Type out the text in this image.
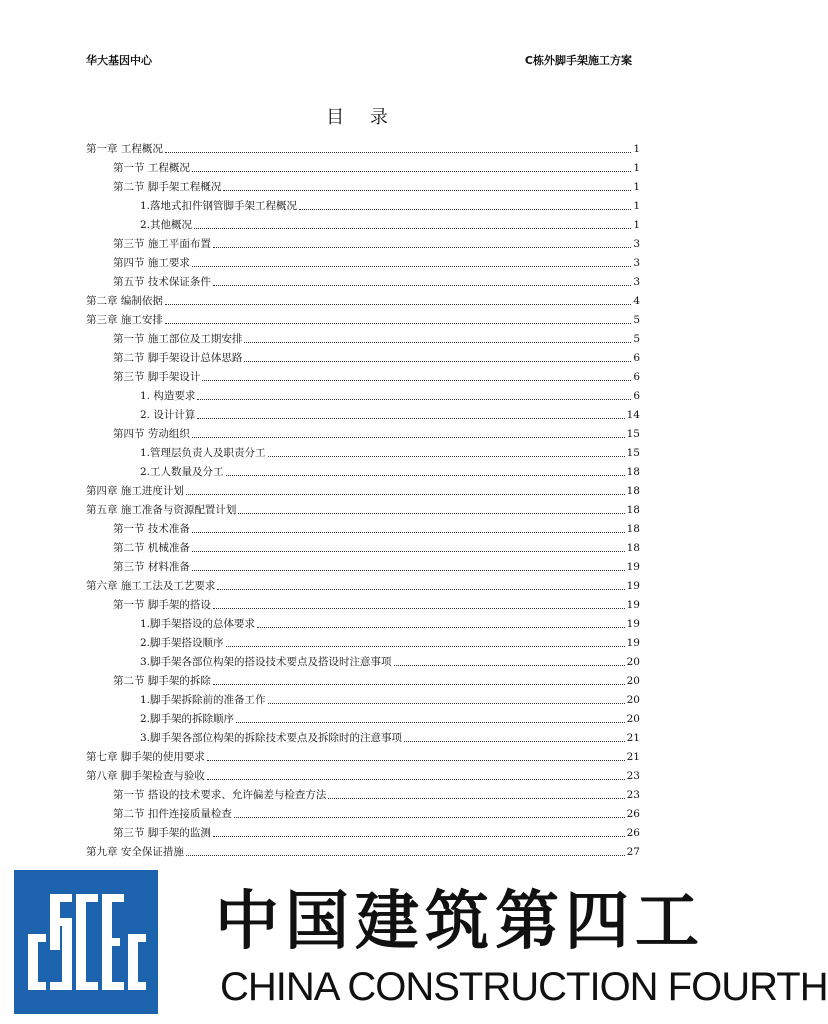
华大基因中心	C栋外脚手架施工方案
目 录
第一章 工程概况	1
第一节 工程概况	1
第二节 脚手架工程概况	1
1.落地式扣件钢管脚手架工程概况	1
2.其他概况	1
第三节 施工平面布置	3
第四节 施工要求	3
第五节 技术保证条件	3
第二章 编制依据	4
第三章 施工安排	5
第一节 施工部位及工期安排	5
第二节 脚手架设计总体思路	6
第三节 脚手架设计	6
1. 构造要求	6
2. 设计计算	14
第四节 劳动组织	15
1.管理层负责人及职责分工	15
2.工人数量及分工	18
第四章 施工进度计划	18
第五章 施工准备与资源配置计划	18
第一节 技术准备	18
第二节 机械准备	18
第三节 材料准备	19
第六章 施工工法及工艺要求	19
第一节 脚手架的搭设	19
1.脚手架搭设的总体要求	19
2.脚手架搭设顺序	19
3.脚手架各部位构架的搭设技术要点及搭设时注意事项	20
第二节 脚手架的拆除	20
1.脚手架拆除前的准备工作	20
2.脚手架的拆除顺序	20
3.脚手架各部位构架的拆除技术要点及拆除时的注意事项	21
第七章 脚手架的使用要求	21
第八章 脚手架检查与验收	23
第一节 搭设的技术要求、允许偏差与检查方法	23
第二节 扣件连接质量检查	26
第三节 脚手架的监测	26
第九章 安全保证措施	27
中国建筑第四工
CHINA CONSTRUCTION FOURTH
